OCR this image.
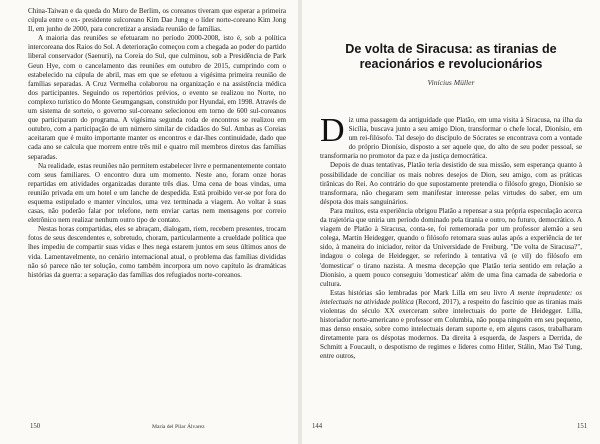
China-Taiwan e da queda do Muro de Berlim, os coreanos tiveram que esperar a primeira cúpula entre o ex- presidente sulcoreano Kim Dae Jung e o líder norte-coreano Kim Jong Il, em junho de 2000, para concretizar a ansiada reunião de famílias.

A maioria das reuniões se efetuaram no período 2000-2008, isto é, sob a política intercoreana dos Raios do Sol. A deterioração começou com a chegada ao poder do partido liberal conservador (Saenuri), na Coreia do Sul, que culminou, sob a Presidência de Park Geun Hye, com o cancelamento das reuniões em outubro de 2015, cumprindo com o estabelecido na cúpula de abril, mas em que se efetuou a vigésima primeira reunião de famílias separadas. A Cruz Vermelha colaborou na organização e na assistência médica dos participantes. Seguindo os repertórios prévios, o evento se realizou no Norte, no complexo turístico do Monte Geumgangsan, construído por Hyundai, em 1998. Através de um sistema de sorteio, o governo sul-coreano selecionou em torno de 600 sul-coreanos que participaram do programa. A vigésima segunda roda de encontros se realizou em outubro, com a participação de um número similar de cidadãos do Sul. Ambas as Coreias aceitaram que é muito importante manter os encontros e dar-lhes continuidade, dado que cada ano se calcula que morrem entre três mil e quatro mil membros diretos das famílias separadas.

Na realidade, estas reuniões não permitem estabelecer livre e permanentemente contato com seus familiares. O encontro dura um momento. Neste ano, foram onze horas repartidas em atividades organizadas durante três dias. Uma cena de boas vindas, uma reunião privada em um hotel e um lanche de despedida. Está proibido ver-se por fora do esquema estipulado e manter vínculos, uma vez terminada a viagem. Ao voltar à suas casas, não poderão falar por telefone, nem enviar cartas nem mensagens por correio eletrônico nem realizar nenhum outro tipo de contato.

Nestas horas compartidas, eles se abraçam, dialogam, riem, recebem presentes, trocam fotos de seus descendentes e, sobretudo, choram, particularmente a crueldade política que lhes impediu de compartir suas vidas e lhes nega estarem juntos em seus últimos anos de vida. Lamentavelmente, no cenário internacional atual, o problema das famílias divididas não só parece não ter solução, como também incorpora um novo capítulo às dramáticas histórias da guerra: a separação das famílias dos refugiados norte-coreanos.

150	María del Pilar Álvarez
De volta de Siracusa: as tiranias de reacionários e revolucionários
Vinícius Müller

Diz uma passagem da antiguidade que Platão, em uma visita à Siracusa, na ilha da Sicília, buscava junto a seu amigo Dion, transformar o chefe local, Dionísio, em um rei-filósofo. Tal desejo do discípulo de Sócrates se encontrava com a vontade do próprio Dionísio, disposto a ser aquele que, do alto de seu poder pessoal, se transformaria no promotor da paz e da justiça democrática.

Depois de duas tentativas, Platão teria desistido de sua missão, sem esperança quanto à possibilidade de conciliar os mais nobres desejos de Dion, seu amigo, com as práticas tirânicas do Rei. Ao contrário do que supostamente pretendia o filósofo grego, Dionísio se transformara, não chegaram sem manifestar interesse pelas virtudes do saber, em um déspota dos mais sanguinários.

Para muitos, esta experiência obrigou Platão a repensar a sua própria especulação acerca da trajetória que uniria um período dominado pela tirania e outro, no futuro, democrático. A viagem de Platão à Siracusa, conta-se, foi rememorada por um professor alemão a seu colega, Martin Heidegger, quando o filósofo retomara suas aulas após a experiência de ter sido, à maneira do iniciador, reitor da Universidade de Freiburg. "De volta de Siracusa?", indagou o colega de Heidegger, se referindo à tentativa vã (e vil) do filósofo em 'domesticar' o tirano nazista. A mesma decepção que Platão teria sentido em relação a Dionísio, a quem pouco conseguiu 'domesticar' além de uma fina camada de sabedoria e cultura.

Estas histórias são lembradas por Mark Lilla em seu livro A mente imprudente: os intelectuais na atividade política (Record, 2017), a respeito do fascínio que as tiranias mais violentas do século XX exerceram sobre intelectuais do porte de Heidegger. Lilla, historiador norte-americano e professor em Columbia, não poupa ninguém em seu pequeno, mas denso ensaio, sobre como intelectuais deram suporte e, em alguns casos, trabalharam diretamente para os déspotas modernos. Da direita à esquerda, de Jaspers a Derrida, de Schmitt a Foucault, o despotismo de regimes e líderes como Hitler, Stálin, Mao Tsé Tung, entre outros,

144	151
